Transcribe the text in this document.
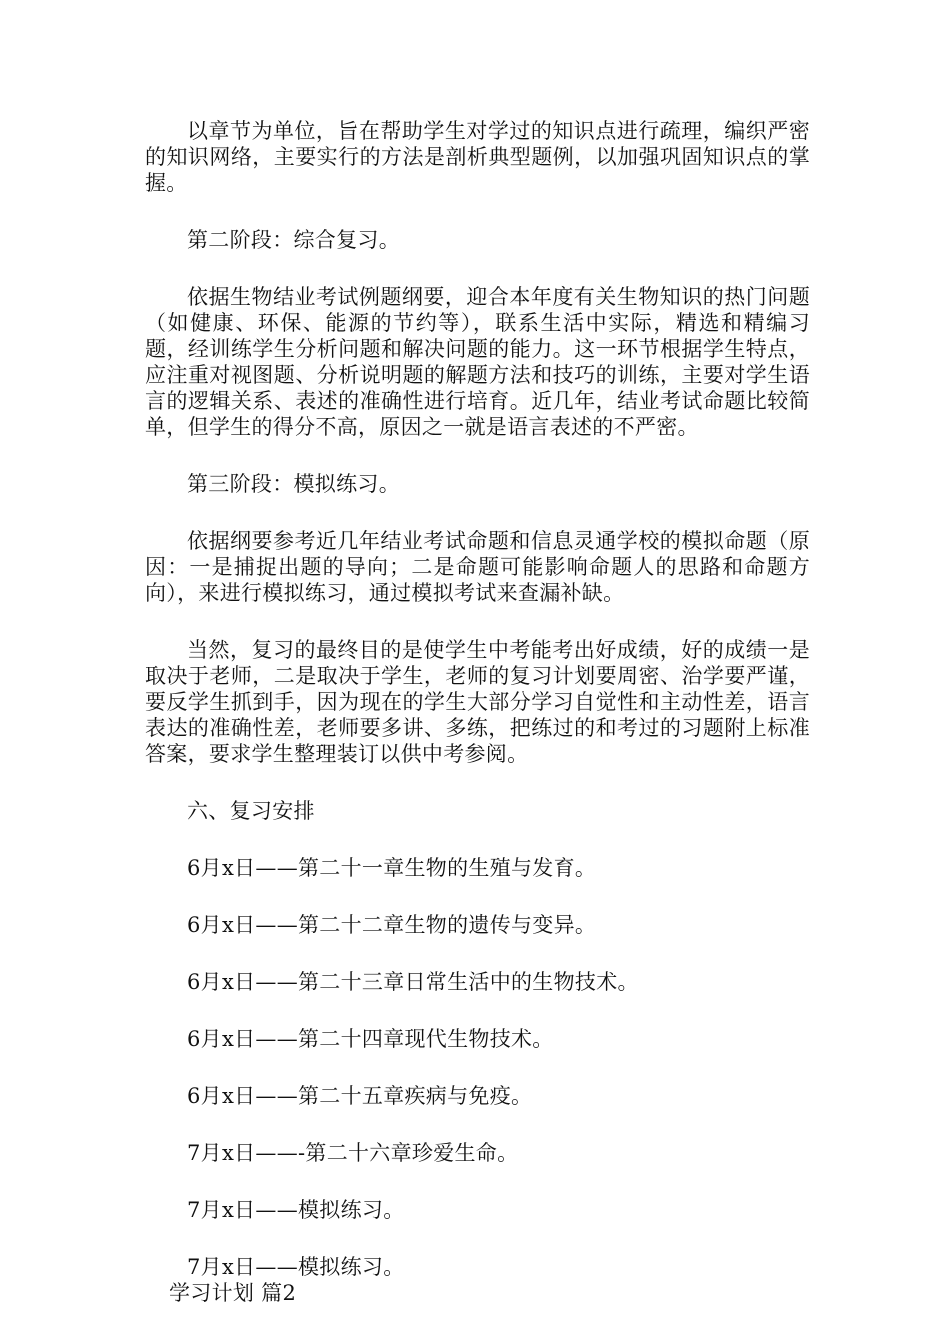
以章节为单位，旨在帮助学生对学过的知识点进行疏理，编织严密的知识网络，主要实行的方法是剖析典型题例，以加强巩固知识点的掌握。

第二阶段：综合复习。

依据生物结业考试例题纲要，迎合本年度有关生物知识的热门问题（如健康、环保、能源的节约等），联系生活中实际，精选和精编习题，经训练学生分析问题和解决问题的能力。这一环节根据学生特点，应注重对视图题、分析说明题的解题方法和技巧的训练，主要对学生语言的逻辑关系、表述的准确性进行培育。近几年，结业考试命题比较简单，但学生的得分不高，原因之一就是语言表述的不严密。

第三阶段：模拟练习。

依据纲要参考近几年结业考试命题和信息灵通学校的模拟命题（原因：一是捕捉出题的导向；二是命题可能影响命题人的思路和命题方向），来进行模拟练习，通过模拟考试来查漏补缺。

当然，复习的最终目的是使学生中考能考出好成绩，好的成绩一是取决于老师，二是取决于学生，老师的复习计划要周密、治学要严谨，要反学生抓到手，因为现在的学生大部分学习自觉性和主动性差，语言表达的准确性差，老师要多讲、多练，把练过的和考过的习题附上标准答案，要求学生整理装订以供中考参阅。

六、复习安排

6月x日——第二十一章生物的生殖与发育。

6月x日——第二十二章生物的遗传与变异。

6月x日——第二十三章日常生活中的生物技术。

6月x日——第二十四章现代生物技术。

6月x日——第二十五章疾病与免疫。

7月x日——-第二十六章珍爱生命。

7月x日——模拟练习。

7月x日——模拟练习。

学习计划 篇2
